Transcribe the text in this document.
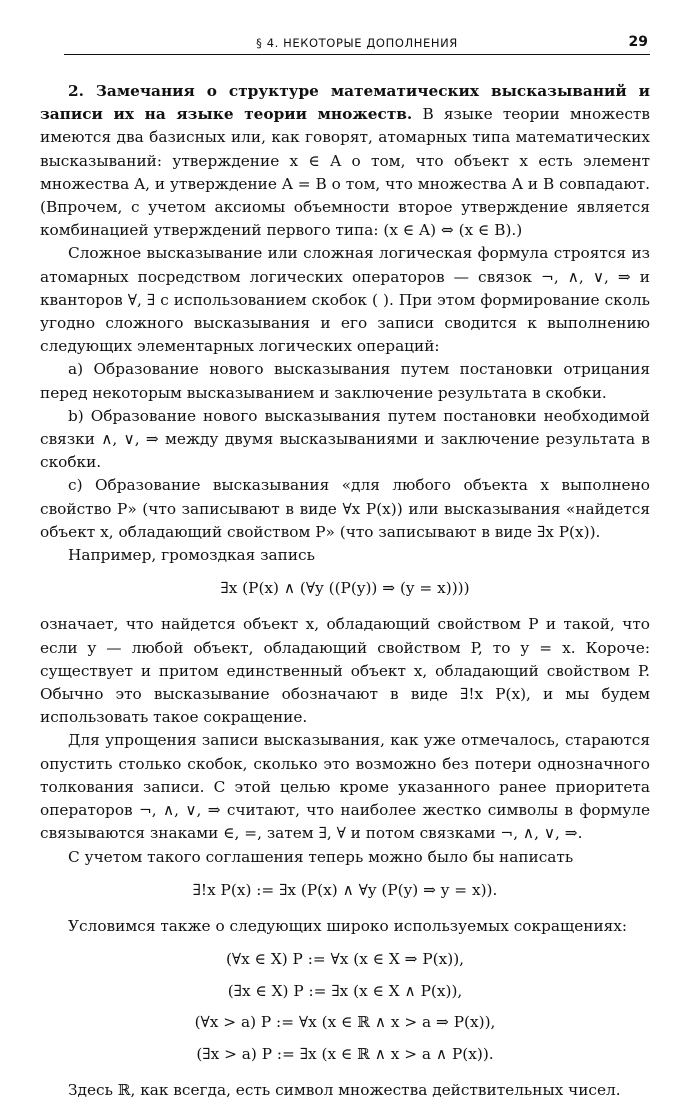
§ 4. НЕКОТОРЫЕ ДОПОЛНЕНИЯ	29

2. Замечания о структуре математических высказываний и записи их на языке теории множеств. В языке теории множеств имеются два базисных или, как говорят, атомарных типа математических высказываний: утверждение x ∈ A о том, что объект x есть элемент множества A, и утверждение A = B о том, что множества A и B совпадают. (Впрочем, с учетом аксиомы объемности второе утверждение является комбинацией утверждений первого типа: (x ∈ A) ⇔ (x ∈ B).)

Сложное высказывание или сложная логическая формула строятся из атомарных посредством логических операторов — связок ¬, ∧, ∨, ⇒ и кванторов ∀, ∃ с использованием скобок ( ). При этом формирование сколь угодно сложного высказывания и его записи сводится к выполнению следующих элементарных логических операций:

a) Образование нового высказывания путем постановки отрицания перед некоторым высказыванием и заключение результата в скобки.

b) Образование нового высказывания путем постановки необходимой связки ∧, ∨, ⇒ между двумя высказываниями и заключение результата в скобки.

c) Образование высказывания «для любого объекта x выполнено свойство P» (что записывают в виде ∀x P(x)) или высказывания «найдется объект x, обладающий свойством P» (что записывают в виде ∃x P(x)).

Например, громоздкая запись

∃x (P(x) ∧ (∀y ((P(y)) ⇒ (y = x))))

означает, что найдется объект x, обладающий свойством P и такой, что если y — любой объект, обладающий свойством P, то y = x. Короче: существует и притом единственный объект x, обладающий свойством P. Обычно это высказывание обозначают в виде ∃!x P(x), и мы будем использовать такое сокращение.

Для упрощения записи высказывания, как уже отмечалось, стараются опустить столько скобок, сколько это возможно без потери однозначного толкования записи. С этой целью кроме указанного ранее приоритета операторов ¬, ∧, ∨, ⇒ считают, что наиболее жестко символы в формуле связываются знаками ∈, =, затем ∃, ∀ и потом связками ¬, ∧, ∨, ⇒.

С учетом такого соглашения теперь можно было бы написать

∃!x P(x) := ∃x (P(x) ∧ ∀y (P(y) ⇒ y = x)).

Условимся также о следующих широко используемых сокращениях:

(∀x ∈ X) P := ∀x (x ∈ X ⇒ P(x)),
(∃x ∈ X) P := ∃x (x ∈ X ∧ P(x)),
(∀x > a) P := ∀x (x ∈ ℝ ∧ x > a ⇒ P(x)),
(∃x > a) P := ∃x (x ∈ ℝ ∧ x > a ∧ P(x)).

Здесь ℝ, как всегда, есть символ множества действительных чисел.
